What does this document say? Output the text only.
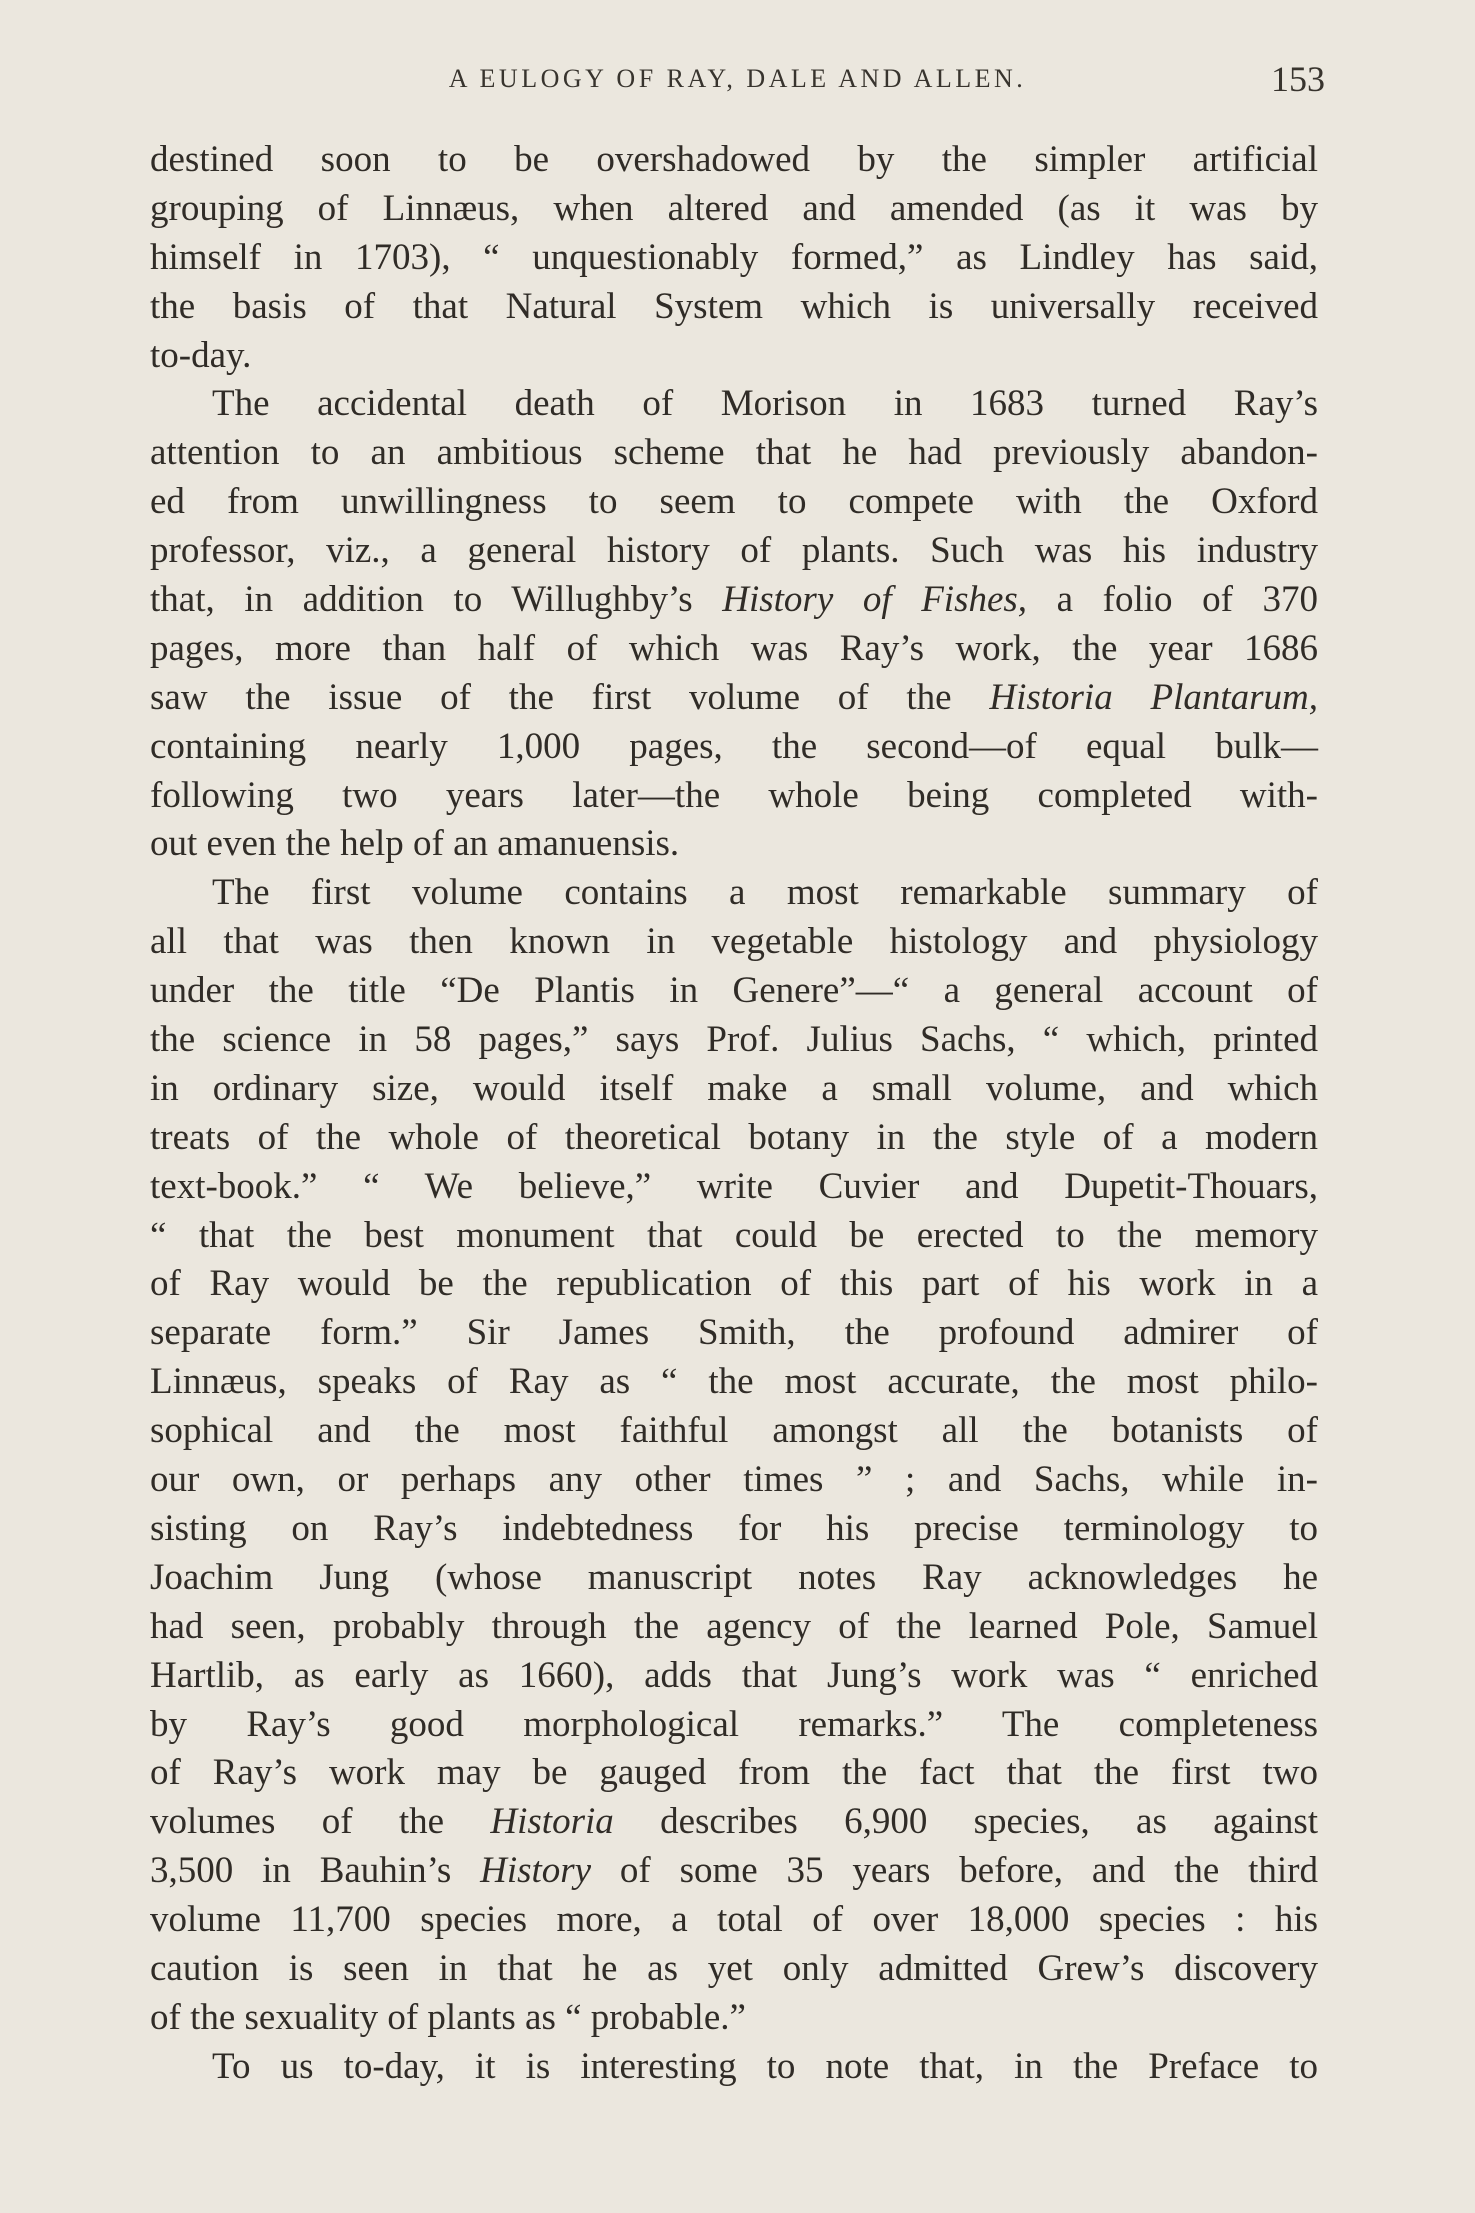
A EULOGY OF RAY, DALE AND ALLEN.	153
destined soon to be overshadowed by the simpler artificial
grouping of Linnæus, when altered and amended (as it was by
himself in 1703), “ unquestionably formed,” as Lindley has said,
the basis of that Natural System which is universally received
to-day.
The accidental death of Morison in 1683 turned Ray’s
attention to an ambitious scheme that he had previously abandon-
ed from unwillingness to seem to compete with the Oxford
professor, viz., a general history of plants. Such was his industry
that, in addition to Willughby’s History of Fishes, a folio of 370
pages, more than half of which was Ray’s work, the year 1686
saw the issue of the first volume of the Historia Plantarum,
containing nearly 1,000 pages, the second—of equal bulk—
following two years later—the whole being completed with-
out even the help of an amanuensis.
The first volume contains a most remarkable summary of
all that was then known in vegetable histology and physiology
under the title “De Plantis in Genere”—“ a general account of
the science in 58 pages,” says Prof. Julius Sachs, “ which, printed
in ordinary size, would itself make a small volume, and which
treats of the whole of theoretical botany in the style of a modern
text-book.” “ We believe,” write Cuvier and Dupetit-Thouars,
“ that the best monument that could be erected to the memory
of Ray would be the republication of this part of his work in a
separate form.” Sir James Smith, the profound admirer of
Linnæus, speaks of Ray as “ the most accurate, the most philo-
sophical and the most faithful amongst all the botanists of
our own, or perhaps any other times ” ; and Sachs, while in-
sisting on Ray’s indebtedness for his precise terminology to
Joachim Jung (whose manuscript notes Ray acknowledges he
had seen, probably through the agency of the learned Pole, Samuel
Hartlib, as early as 1660), adds that Jung’s work was “ enriched
by Ray’s good morphological remarks.” The completeness
of Ray’s work may be gauged from the fact that the first two
volumes of the Historia describes 6,900 species, as against
3,500 in Bauhin’s History of some 35 years before, and the third
volume 11,700 species more, a total of over 18,000 species : his
caution is seen in that he as yet only admitted Grew’s discovery
of the sexuality of plants as “ probable.”
To us to-day, it is interesting to note that, in the Preface to
